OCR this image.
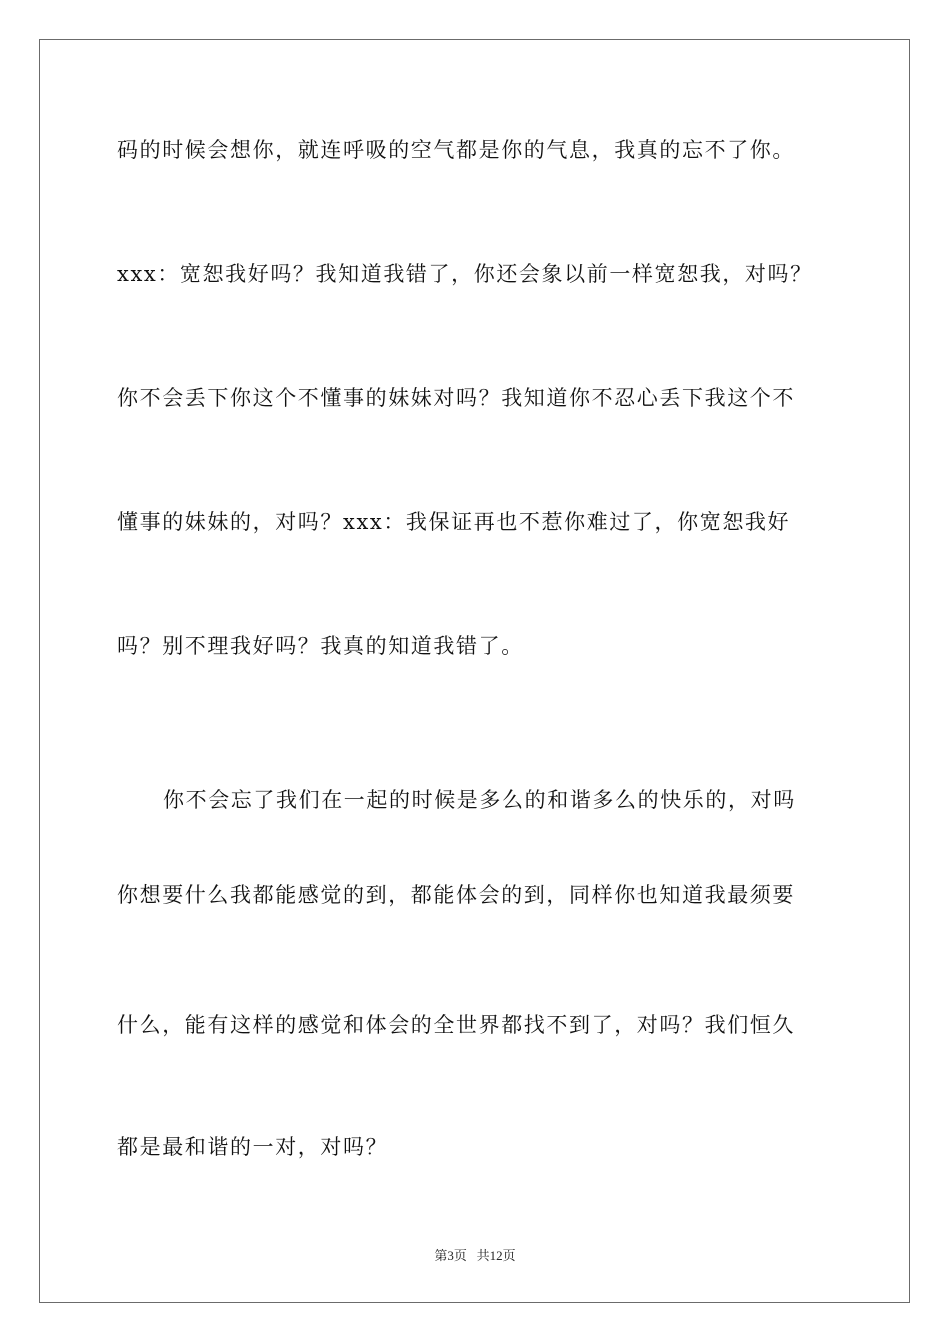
码的时候会想你，就连呼吸的空气都是你的气息，我真的忘不了你。
xxx：宽恕我好吗？我知道我错了，你还会象以前一样宽恕我，对吗？
你不会丢下你这个不懂事的妹妹对吗？我知道你不忍心丢下我这个不
懂事的妹妹的，对吗？xxx：我保证再也不惹你难过了，你宽恕我好
吗？别不理我好吗？我真的知道我错了。
你不会忘了我们在一起的时候是多么的和谐多么的快乐的，对吗
你想要什么我都能感觉的到，都能体会的到，同样你也知道我最须要
什么，能有这样的感觉和体会的全世界都找不到了，对吗？我们恒久
都是最和谐的一对，对吗？
第3页   共12页
